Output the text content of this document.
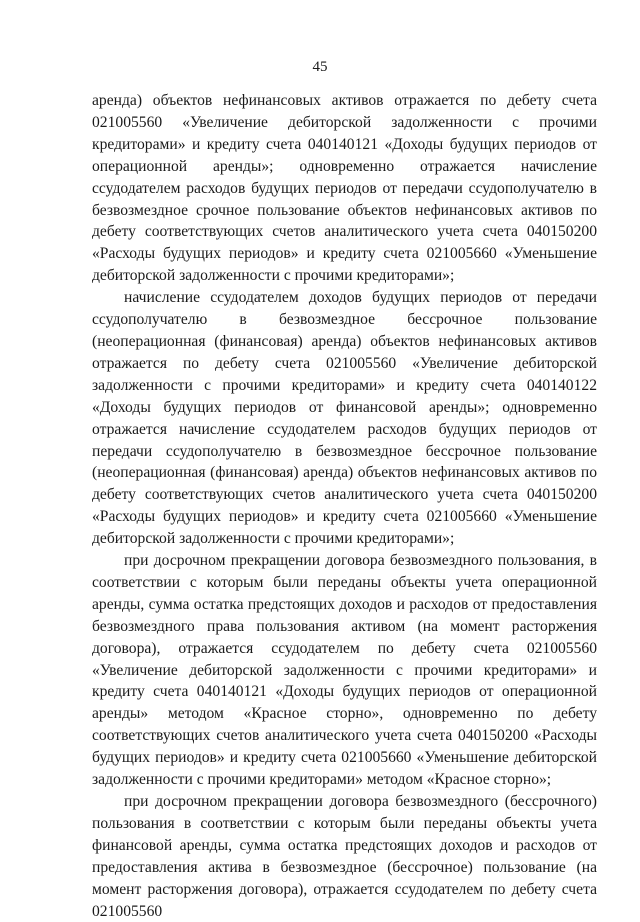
45

аренда) объектов нефинансовых активов отражается по дебету счета 021005560 «Увеличение дебиторской задолженности с прочими кредиторами» и кредиту счета 040140121 «Доходы будущих периодов от операционной аренды»; одновременно отражается начисление ссудодателем расходов будущих периодов от передачи ссудополучателю в безвозмездное срочное пользование объектов нефинансовых активов по дебету соответствующих счетов аналитического учета счета 040150200 «Расходы будущих периодов» и кредиту счета 021005660 «Уменьшение дебиторской задолженности с прочими кредиторами»;

начисление ссудодателем доходов будущих периодов от передачи ссудополучателю в безвозмездное бессрочное пользование (неоперационная (финансовая) аренда) объектов нефинансовых активов отражается по дебету счета 021005560 «Увеличение дебиторской задолженности с прочими кредиторами» и кредиту счета 040140122 «Доходы будущих периодов от финансовой аренды»; одновременно отражается начисление ссудодателем расходов будущих периодов от передачи ссудополучателю в безвозмездное бессрочное пользование (неоперационная (финансовая) аренда) объектов нефинансовых активов по дебету соответствующих счетов аналитического учета счета 040150200 «Расходы будущих периодов» и кредиту счета 021005660 «Уменьшение дебиторской задолженности с прочими кредиторами»;

при досрочном прекращении договора безвозмездного пользования, в соответствии с которым были переданы объекты учета операционной аренды, сумма остатка предстоящих доходов и расходов от предоставления безвозмездного права пользования активом (на момент расторжения договора), отражается ссудодателем по дебету счета 021005560 «Увеличение дебиторской задолженности с прочими кредиторами» и кредиту счета 040140121 «Доходы будущих периодов от операционной аренды» методом «Красное сторно», одновременно по дебету соответствующих счетов аналитического учета счета 040150200 «Расходы будущих периодов» и кредиту счета 021005660 «Уменьшение дебиторской задолженности с прочими кредиторами» методом «Красное сторно»;

при досрочном прекращении договора безвозмездного (бессрочного) пользования в соответствии с которым были переданы объекты учета финансовой аренды, сумма остатка предстоящих доходов и расходов от предоставления актива в безвозмездное (бессрочное) пользование (на момент расторжения договора), отражается ссудодателем по дебету счета 021005560
